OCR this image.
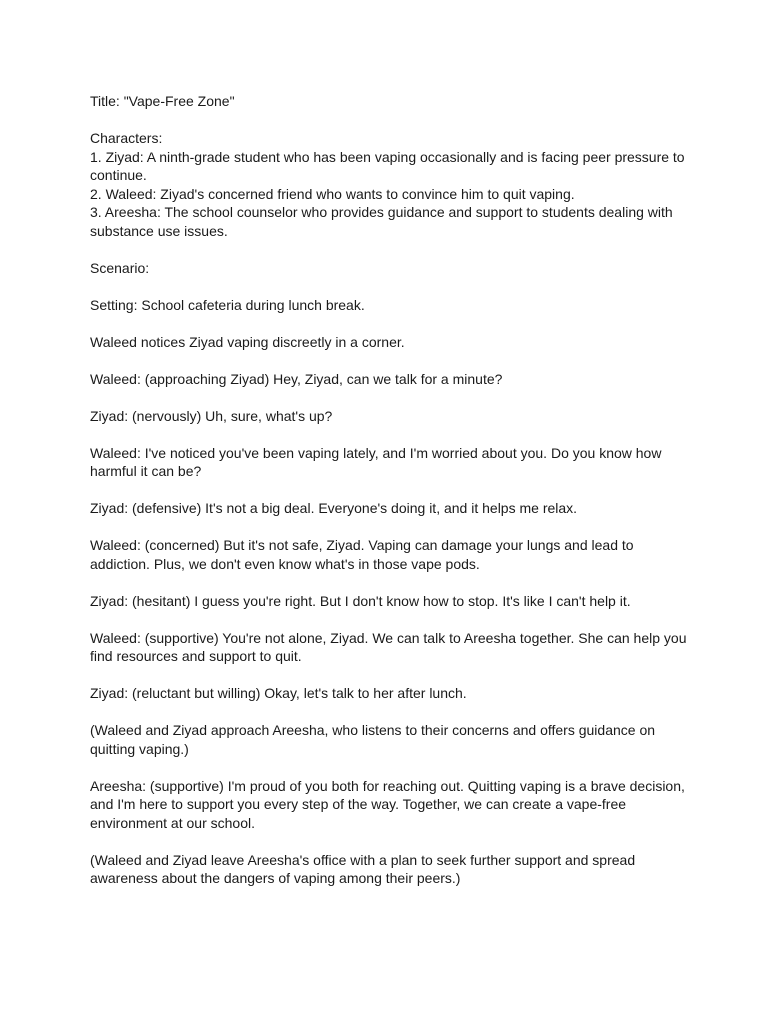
Title: "Vape-Free Zone"

Characters:
1. Ziyad: A ninth-grade student who has been vaping occasionally and is facing peer pressure to continue.
2. Waleed: Ziyad's concerned friend who wants to convince him to quit vaping.
3. Areesha: The school counselor who provides guidance and support to students dealing with substance use issues.

Scenario:

Setting: School cafeteria during lunch break.

Waleed notices Ziyad vaping discreetly in a corner.

Waleed: (approaching Ziyad) Hey, Ziyad, can we talk for a minute?

Ziyad: (nervously) Uh, sure, what's up?

Waleed: I've noticed you've been vaping lately, and I'm worried about you. Do you know how harmful it can be?

Ziyad: (defensive) It's not a big deal. Everyone's doing it, and it helps me relax.

Waleed: (concerned) But it's not safe, Ziyad. Vaping can damage your lungs and lead to addiction. Plus, we don't even know what's in those vape pods.

Ziyad: (hesitant) I guess you're right. But I don't know how to stop. It's like I can't help it.

Waleed: (supportive) You're not alone, Ziyad. We can talk to Areesha together. She can help you find resources and support to quit.

Ziyad: (reluctant but willing) Okay, let's talk to her after lunch.

(Waleed and Ziyad approach Areesha, who listens to their concerns and offers guidance on quitting vaping.)

Areesha: (supportive) I'm proud of you both for reaching out. Quitting vaping is a brave decision, and I'm here to support you every step of the way. Together, we can create a vape-free environment at our school.

(Waleed and Ziyad leave Areesha's office with a plan to seek further support and spread awareness about the dangers of vaping among their peers.)
